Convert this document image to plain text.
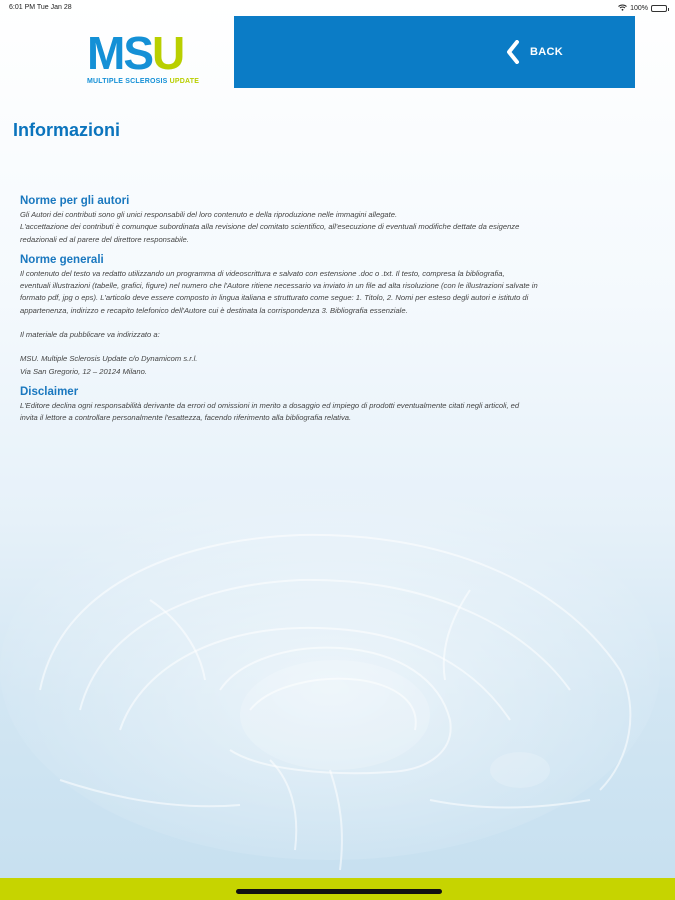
6:01 PM Tue Jan 28	100%
MSU
MULTIPLE SCLEROSIS UPDATE
BACK
Informazioni
Norme per gli autori

Gli Autori dei contributi sono gli unici responsabili del loro contenuto e della riproduzione nelle immagini allegate.

L'accettazione dei contributi è comunque subordinata alla revisione del comitato scientifico, all'esecuzione di eventuali modifiche dettate da esigenze

redazionali ed al parere del direttore responsabile.

Norme generali

Il contenuto del testo va redatto utilizzando un programma di videoscrittura e salvato con estensione .doc o .txt. Il testo, compresa la bibliografia,

eventuali illustrazioni (tabelle, grafici, figure) nel numero che l'Autore ritiene necessario va inviato in un file ad alta risoluzione (con le illustrazioni salvate in

formato pdf, jpg o eps). L'articolo deve essere composto in lingua italiana e strutturato come segue: 1. Titolo, 2. Nomi per esteso degli autori e istituto di

appartenenza, indirizzo e recapito telefonico dell'Autore cui è destinata la corrispondenza 3. Bibliografia essenziale.

Il materiale da pubblicare va indirizzato a:

MSU. Multiple Sclerosis Update c/o Dynamicom s.r.l.

Via San Gregorio, 12 – 20124 Milano.

Disclaimer

L'Editore declina ogni responsabilità derivante da errori od omissioni in merito a dosaggio ed impiego di prodotti eventualmente citati negli articoli, ed

invita il lettore a controllare personalmente l'esattezza, facendo riferimento alla bibliografia relativa.
